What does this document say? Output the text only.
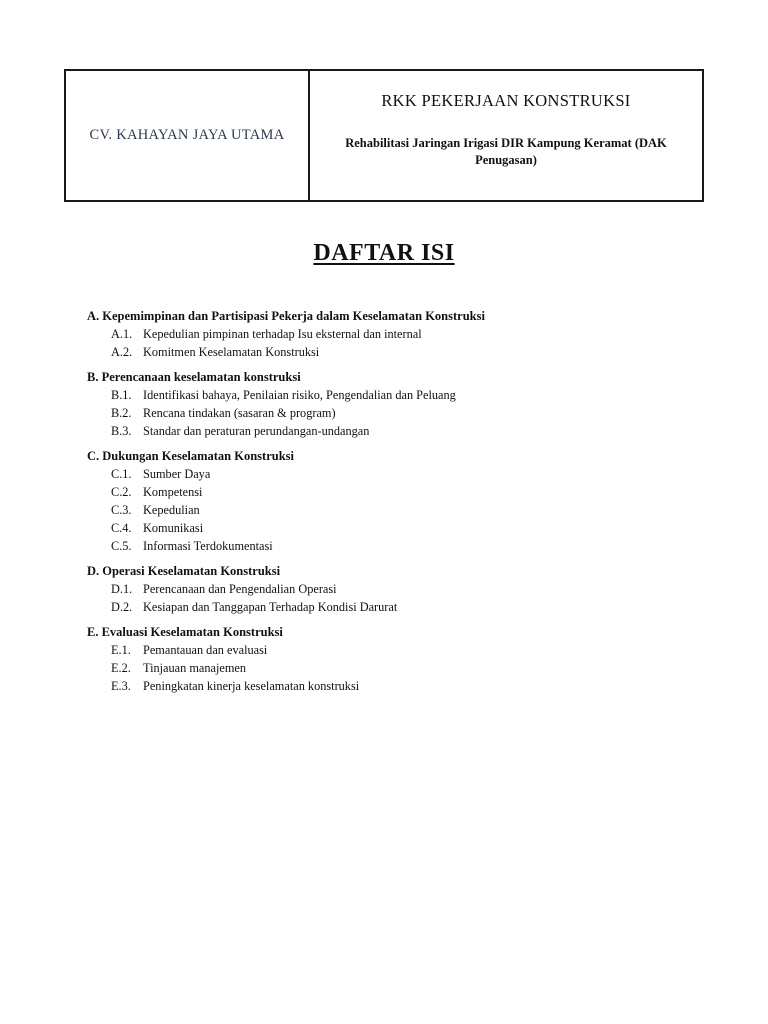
CV. KAHAYAN JAYA UTAMA
RKK PEKERJAAN KONSTRUKSI
Rehabilitasi Jaringan Irigasi DIR Kampung Keramat (DAK Penugasan)
DAFTAR ISI
A. Kepemimpinan dan Partisipasi Pekerja dalam Keselamatan Konstruksi
A.1. Kepedulian pimpinan terhadap Isu eksternal dan internal
A.2. Komitmen Keselamatan Konstruksi
B. Perencanaan keselamatan konstruksi
B.1. Identifikasi bahaya, Penilaian risiko, Pengendalian dan Peluang
B.2. Rencana tindakan (sasaran & program)
B.3. Standar dan peraturan perundangan-undangan
C. Dukungan Keselamatan Konstruksi
C.1. Sumber Daya
C.2. Kompetensi
C.3. Kepedulian
C.4. Komunikasi
C.5. Informasi Terdokumentasi
D. Operasi Keselamatan Konstruksi
D.1. Perencanaan dan Pengendalian Operasi
D.2. Kesiapan dan Tanggapan Terhadap Kondisi Darurat
E. Evaluasi Keselamatan Konstruksi
E.1. Pemantauan dan evaluasi
E.2. Tinjauan manajemen
E.3. Peningkatan kinerja keselamatan konstruksi
